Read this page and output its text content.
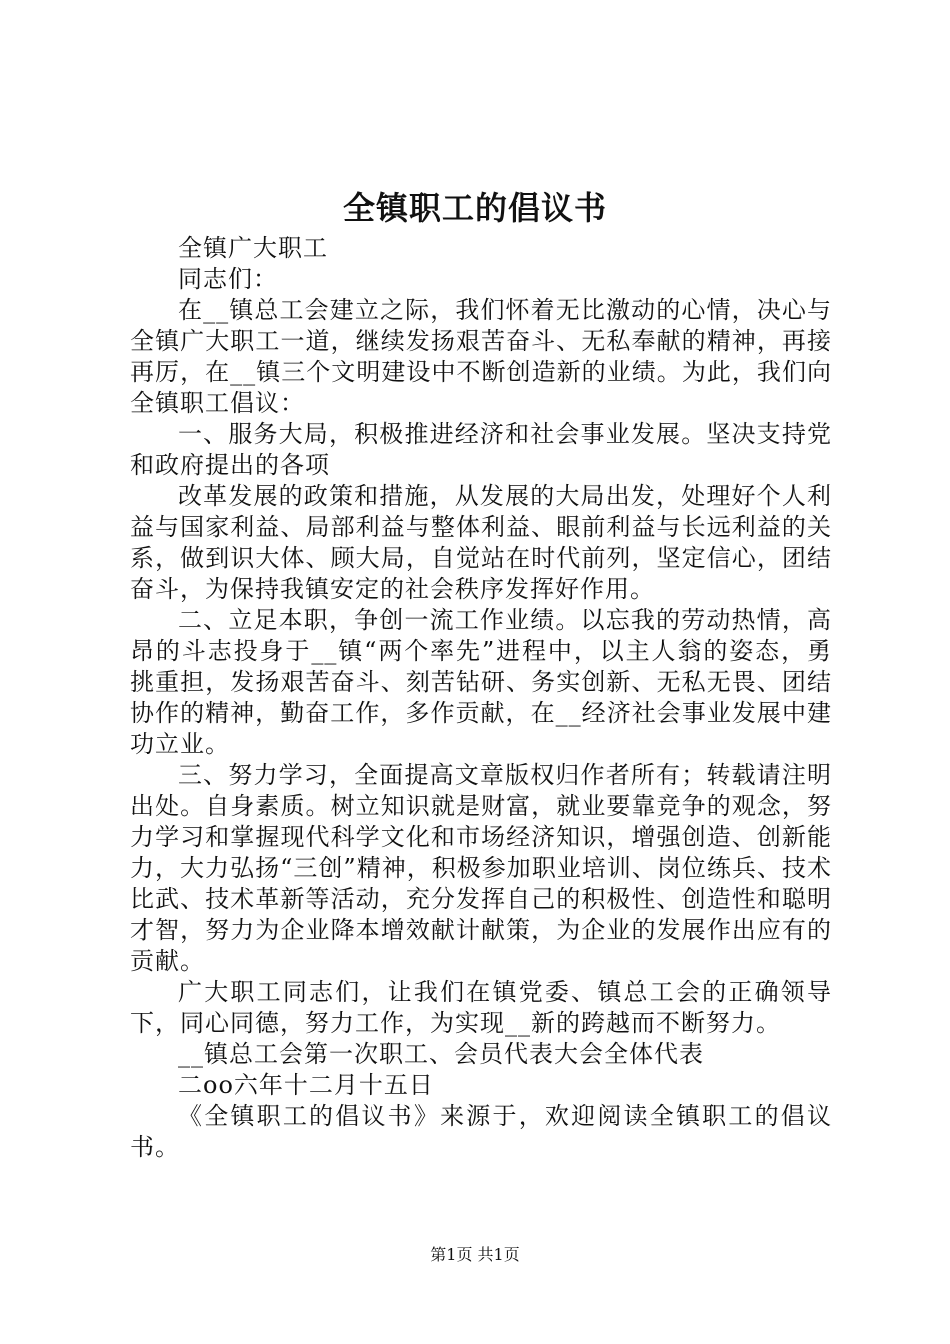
全镇职工的倡议书

全镇广大职工

同志们：

在__镇总工会建立之际，我们怀着无比激动的心情，决心与全镇广大职工一道，继续发扬艰苦奋斗、无私奉献的精神，再接再厉，在__镇三个文明建设中不断创造新的业绩。为此，我们向全镇职工倡议：

一、服务大局，积极推进经济和社会事业发展。坚决支持党和政府提出的各项

改革发展的政策和措施，从发展的大局出发，处理好个人利益与国家利益、局部利益与整体利益、眼前利益与长远利益的关系，做到识大体、顾大局，自觉站在时代前列，坚定信心，团结奋斗，为保持我镇安定的社会秩序发挥好作用。

二、立足本职，争创一流工作业绩。以忘我的劳动热情，高昂的斗志投身于__镇“两个率先”进程中，以主人翁的姿态，勇挑重担，发扬艰苦奋斗、刻苦钻研、务实创新、无私无畏、团结协作的精神，勤奋工作，多作贡献，在__经济社会事业发展中建功立业。

三、努力学习，全面提高文章版权归作者所有；转载请注明出处。自身素质。树立知识就是财富，就业要靠竞争的观念，努力学习和掌握现代科学文化和市场经济知识，增强创造、创新能力，大力弘扬“三创”精神，积极参加职业培训、岗位练兵、技术比武、技术革新等活动，充分发挥自己的积极性、创造性和聪明才智，努力为企业降本增效献计献策，为企业的发展作出应有的贡献。

广大职工同志们，让我们在镇党委、镇总工会的正确领导下，同心同德，努力工作，为实现__新的跨越而不断努力。

__镇总工会第一次职工、会员代表大会全体代表

二oo六年十二月十五日

《全镇职工的倡议书》来源于，欢迎阅读全镇职工的倡议书。

第1页 共1页
